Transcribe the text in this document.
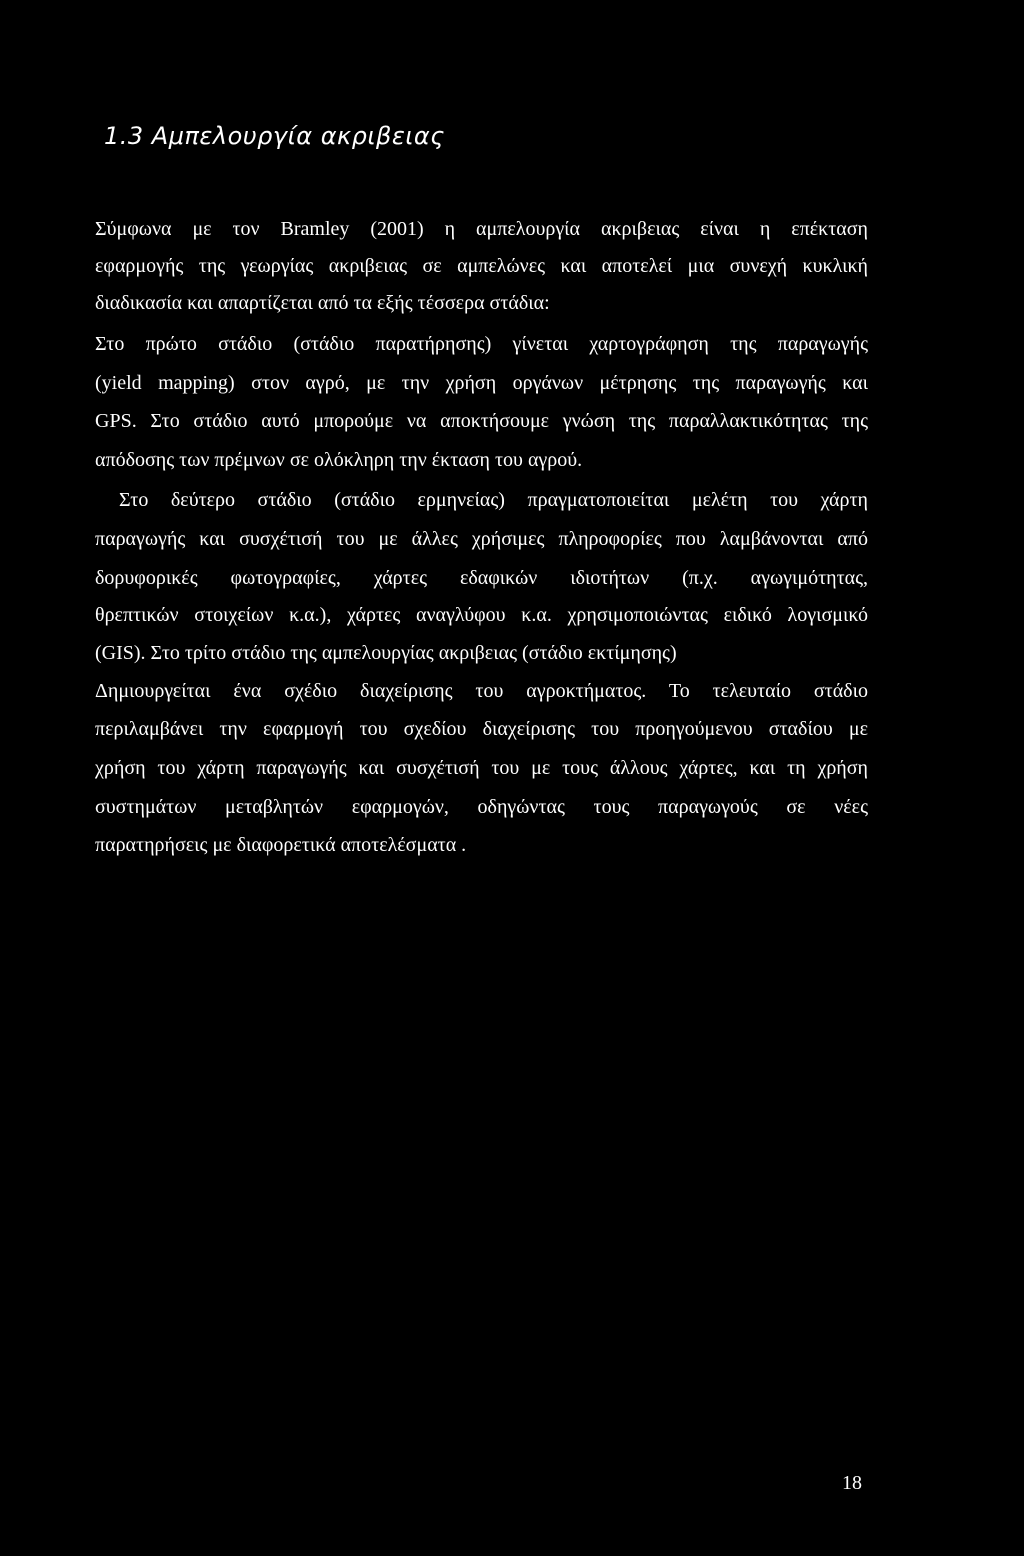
1.3 Αμπελουργία ακριβειας

Σύμφωνα με τον Bramley (2001) η αμπελουργία ακριβειας είναι η επέκταση

εφαρμογής της γεωργίας ακριβειας σε αμπελώνες και αποτελεί μια συνεχή κυκλική

διαδικασία και απαρτίζεται από τα εξής τέσσερα στάδια:

Στο πρώτο στάδιο (στάδιο παρατήρησης) γίνεται χαρτογράφηση της παραγωγής

(yield mapping) στον αγρό, με την χρήση οργάνων μέτρησης της παραγωγής και

GPS. Στο στάδιο αυτό μπορούμε να αποκτήσουμε γνώση της παραλλακτικότητας της

απόδοσης των πρέμνων σε ολόκληρη την έκταση του αγρού.

Στο δεύτερο στάδιο (στάδιο ερμηνείας) πραγματοποιείται μελέτη του χάρτη

παραγωγής και συσχέτισή του με άλλες χρήσιμες πληροφορίες που λαμβάνονται από

δορυφορικές φωτογραφίες, χάρτες εδαφικών ιδιοτήτων (π.χ. αγωγιμότητας,

θρεπτικών στοιχείων κ.α.), χάρτες αναγλύφου κ.α. χρησιμοποιώντας ειδικό λογισμικό

(GIS). Στο τρίτο στάδιο της αμπελουργίας ακριβειας (στάδιο εκτίμησης)

Δημιουργείται ένα σχέδιο διαχείρισης του αγροκτήματος. Το τελευταίο στάδιο

περιλαμβάνει την εφαρμογή του σχεδίου διαχείρισης του προηγούμενου σταδίου με

χρήση του χάρτη παραγωγής και συσχέτισή του με τους άλλους χάρτες, και τη χρήση

συστημάτων μεταβλητών εφαρμογών, οδηγώντας τους παραγωγούς σε νέες

παρατηρήσεις με διαφορετικά αποτελέσματα .

18
